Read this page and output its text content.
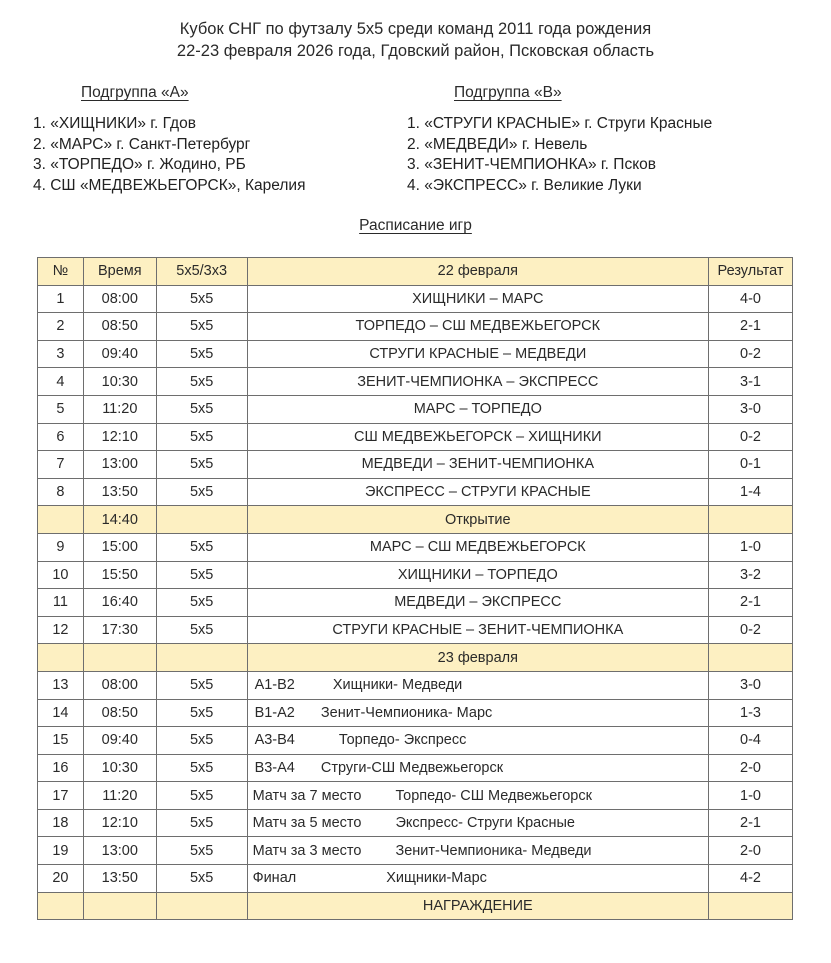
Кубок СНГ по футзалу 5х5 среди команд 2011 года рождения
22-23 февраля 2026 года, Гдовский район, Псковская область
Подгруппа «А»
1. «ХИЩНИКИ» г. Гдов
2. «МАРС» г. Санкт-Петербург
3. «ТОРПЕДО» г. Жодино, РБ
4. СШ «МЕДВЕЖЬЕГОРСК», Карелия
Подгруппа «В»
1. «СТРУГИ КРАСНЫЕ» г. Струги Красные
2. «МЕДВЕДИ» г. Невель
3. «ЗЕНИТ-ЧЕМПИОНКА» г. Псков
4. «ЭКСПРЕСС» г. Великие Луки
Расписание игр
№	Время	5х5/3х3	22 февраля	Результат
1	08:00	5х5	ХИЩНИКИ – МАРС	4-0
2	08:50	5х5	ТОРПЕДО – СШ МЕДВЕЖЬЕГОРСК	2-1
3	09:40	5х5	СТРУГИ КРАСНЫЕ – МЕДВЕДИ	0-2
4	10:30	5х5	ЗЕНИТ-ЧЕМПИОНКА – ЭКСПРЕСС	3-1
5	11:20	5х5	МАРС – ТОРПЕДО	3-0
6	12:10	5х5	СШ МЕДВЕЖЬЕГОРСК – ХИЩНИКИ	0-2
7	13:00	5х5	МЕДВЕДИ – ЗЕНИТ-ЧЕМПИОНКА	0-1
8	13:50	5х5	ЭКСПРЕСС – СТРУГИ КРАСНЫЕ	1-4
	14:40		Открытие	
9	15:00	5х5	МАРС – СШ МЕДВЕЖЬЕГОРСК	1-0
10	15:50	5х5	ХИЩНИКИ – ТОРПЕДО	3-2
11	16:40	5х5	МЕДВЕДИ – ЭКСПРЕСС	2-1
12	17:30	5х5	СТРУГИ КРАСНЫЕ – ЗЕНИТ-ЧЕМПИОНКА	0-2
			23 февраля	
13	08:00	5х5	А1-В2 Хищники- Медведи	3-0
14	08:50	5х5	В1-А2 Зенит-Чемпионика- Марс	1-3
15	09:40	5х5	А3-В4 Торпедо- Экспресс	0-4
16	10:30	5х5	В3-А4 Струги-СШ Медвежьегорск	2-0
17	11:20	5х5	Матч за 7 место Торпедо- СШ Медвежьегорск	1-0
18	12:10	5х5	Матч за 5 место Экспресс- Струги Красные	2-1
19	13:00	5х5	Матч за 3 место Зенит-Чемпионика- Медведи	2-0
20	13:50	5х5	Финал Хищники-Марс	4-2
			НАГРАЖДЕНИЕ	
